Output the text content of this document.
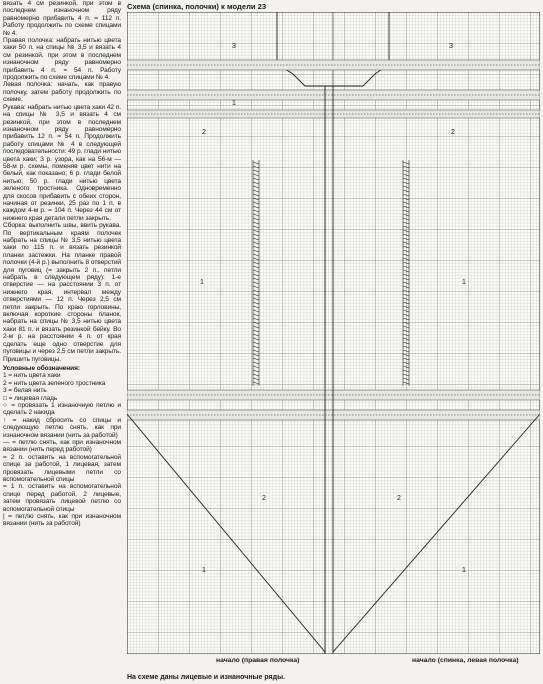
вязать 4 см резинкой, при этом в последнем изнаночном ряду равномерно прибавить 4 п. = 112 п. Работу продолжить по схеме спицами № 4.

Правая полочка: набрать нитью цвета хаки 50 п. на спицы № 3,5 и вязать 4 см резинкой, при этом в последнем изнаночном ряду равномерно прибавить 4 п. = 54 п. Работу продолжить по схеме спицами № 4.

Левая полочка: начать, как правую полочку, затем работу продолжить по схеме.

Рукава: набрать нитью цвета хаки 42 п. на спицы № 3,5 и вязать 4 см резинкой, при этом в последнем изнаночном ряду равномерно прибавить 12 п. = 54 п. Продолжить работу спицами № 4 в следующей последовательности: 49 р. глади нитью цвета хаки; 3 р. узора, как на 56-м — 58-м р. схемы, поменяв цвет нити на белый, как показано; 6 р. глади белой нитью; 50 р. глади нитью цвета зеленого тростника. Одновременно для скосов прибавить с обеих сторон, начиная от резинки, 25 раз по 1 п. в каждом 4-м р. = 104 п. Через 44 см от нижнего края детали петли закрыть.

Сборка: выполнить швы, ввить рукава. По вертикальным краям полочек набрать на спицы № 3,5 нитью цвета хаки по 115 п. и вязать резинкой планки застежки. На планке правой полочки (4-й р.) выполнить 8 отверстий для пуговиц (= закрыть 2 п., петли набрать в следующем ряду): 1-е отверстие — на расстоянии 3 п. от нижнего края, интервал между отверстиями — 12 п. Через 2,5 см петли закрыть. По краю горловины, включая короткие стороны планок, набрать на спицы № 3,5 нитью цвета хаки 81 п. и вязать резинкой бейку. Во 2-м р. на расстоянии 4 п. от края сделать еще одно отверстие для пуговицы и через 2,5 см петли закрыть. Пришить пуговицы.

Условные обозначения:

1 = нить цвета хаки

2 = нить цвета зеленого тростника

3 = белая нить

□ = лицевая гладь

○ = провязать 1 изнаночную петлю и сделать 2 накида

↑ = накид сбросить со спицы и следующую петлю снять, как при изнаночном вязании (нить за работой)

— = петлю снять, как при изнаночном вязании (нить перед работой)

= 2 п. оставить на вспомогательной спице за работой, 1 лицевая, затем провязать лицевыми петли со вспомогательной спицы

= 1 п. оставить на вспомогательной спице перед работой, 2 лицевые, затем провязать лицевой петлю со вспомогательной спицы

| = петлю снять, как при изнаночном вязании (нить за работой)

Схема (спинка, полочки) к модели 23
3	3
1
2	2
1	1
2	2
1	1
начало (правая полочка)	начало (спинка, левая полочка)
На схеме даны лицевые и изнаночные ряды.
